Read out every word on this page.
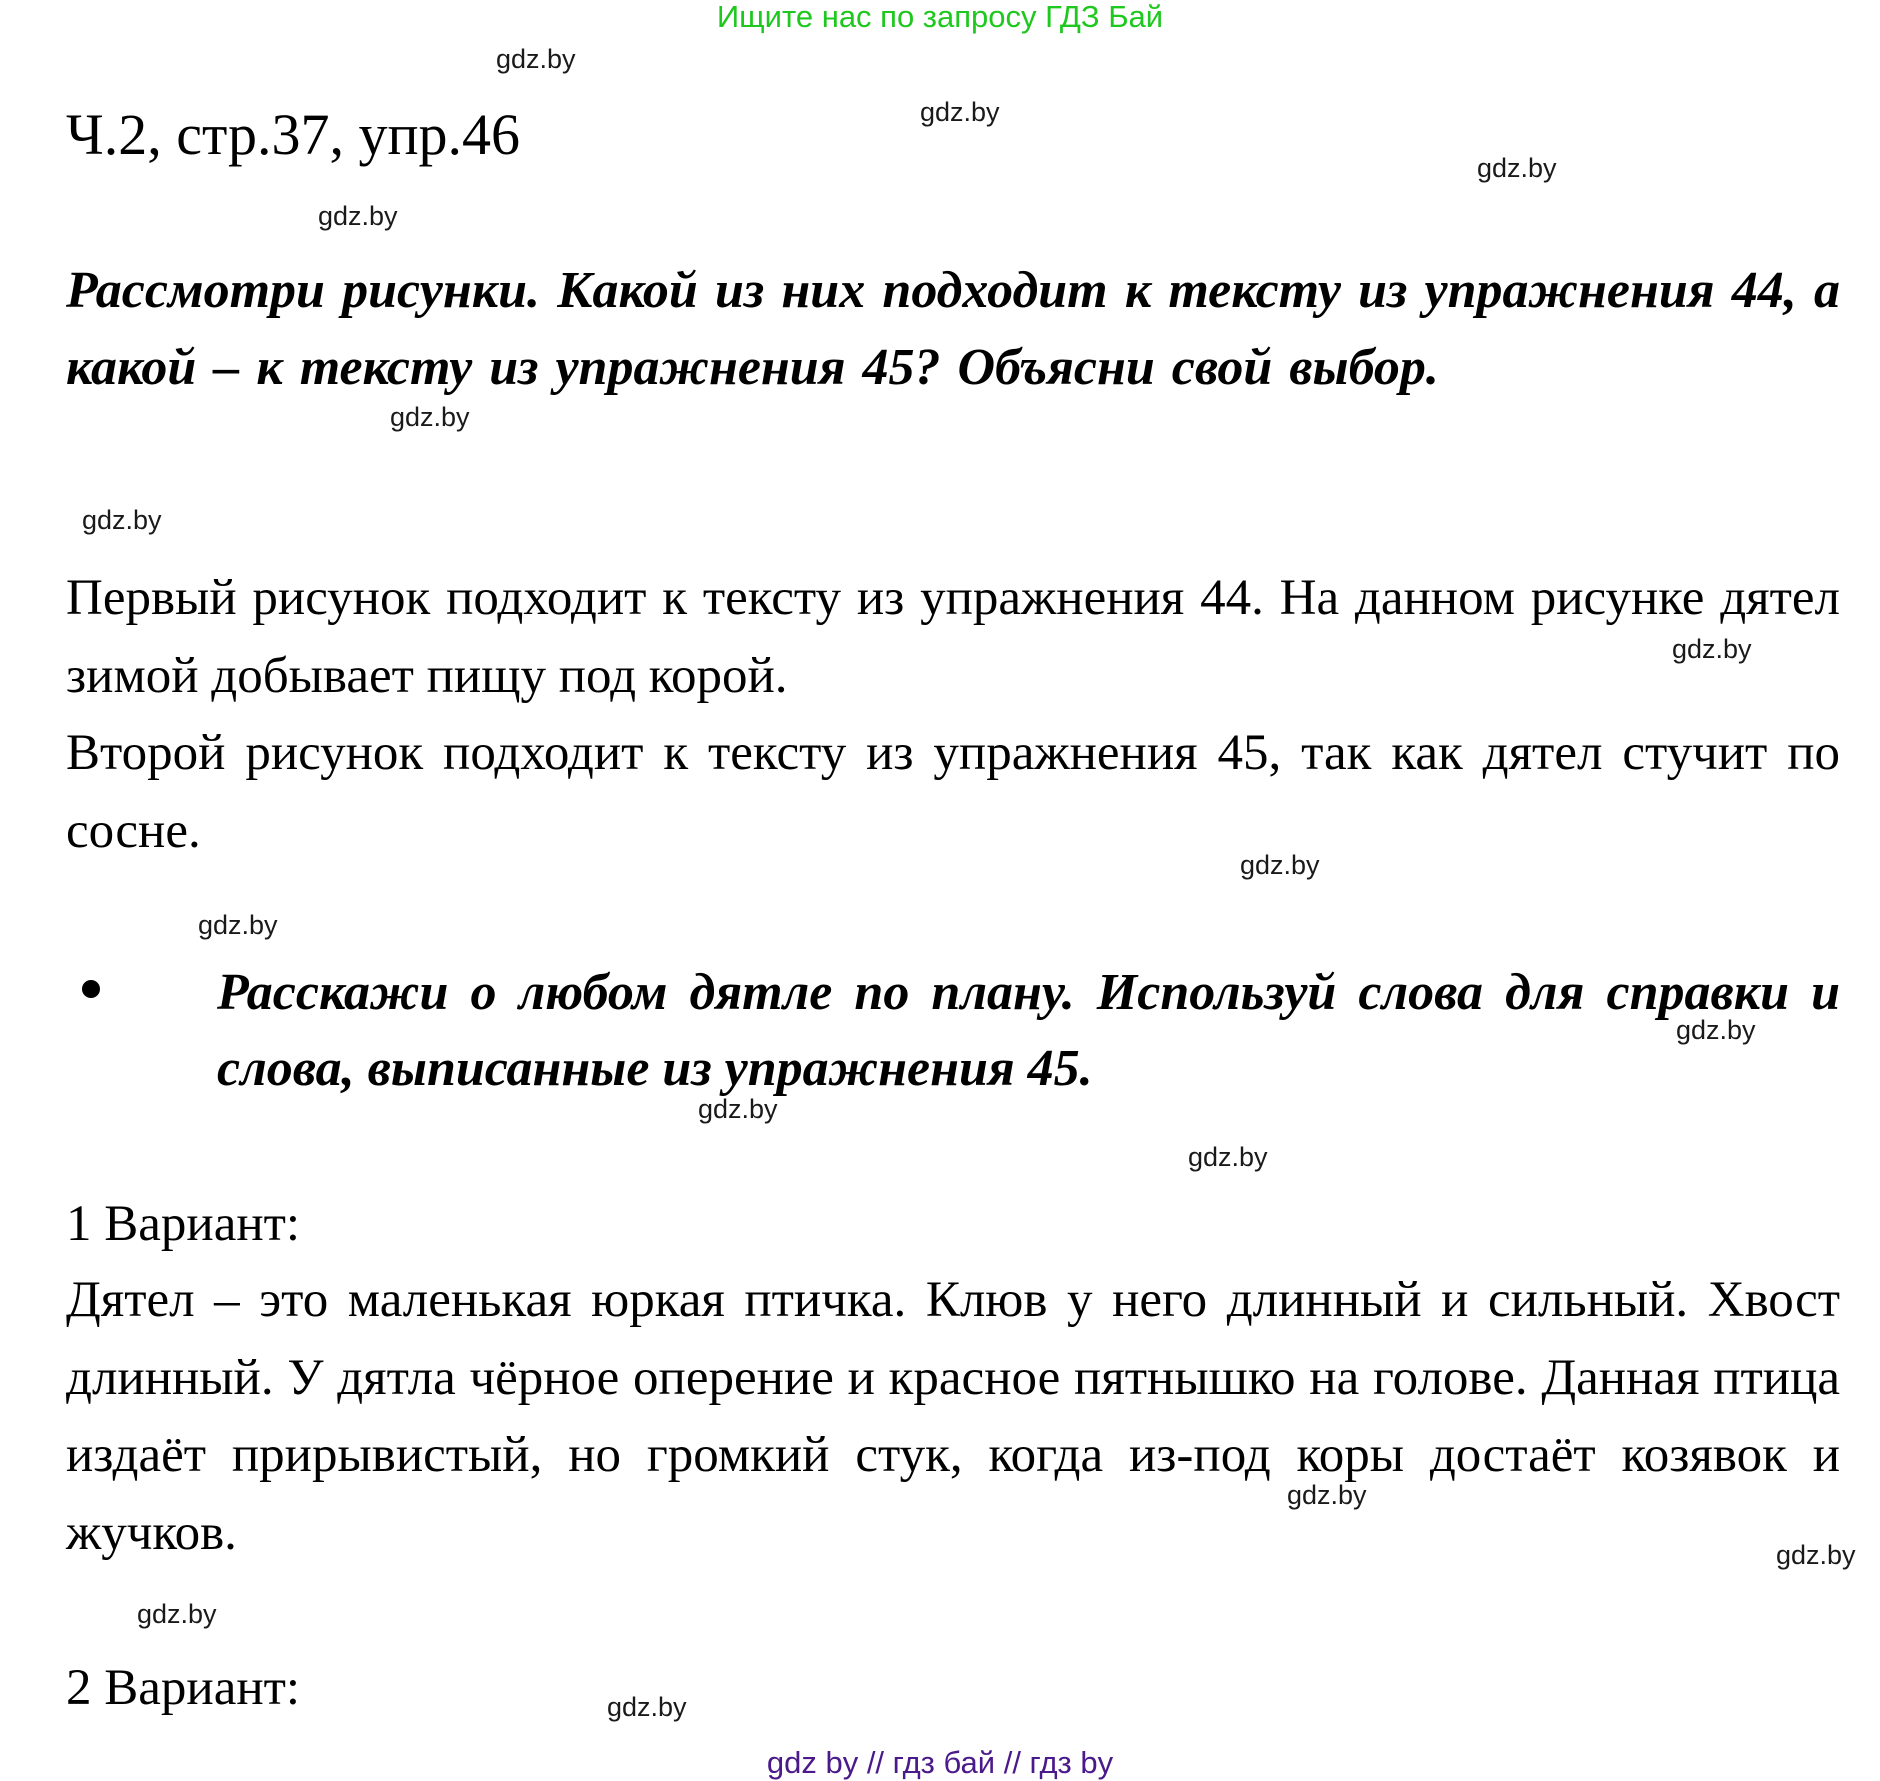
Ищите нас по запросу ГДЗ Бай
Ч.2, стр.37, упр.46
Рассмотри рисунки. Какой из них подходит к тексту из упражнения 44, а какой – к тексту из упражнения 45? Объясни свой выбор.
Первый рисунок подходит к тексту из упражнения 44. На данном рисунке дятел зимой добывает пищу под корой.
Второй рисунок подходит к тексту из упражнения 45, так как дятел стучит по сосне.
Расскажи о любом дятле по плану. Используй слова для справки и слова, выписанные из упражнения 45.
1 Вариант:
Дятел – это маленькая юркая птичка. Клюв у него длинный и сильный. Хвост длинный. У дятла чёрное оперение и красное пятнышко на голове. Данная птица издаёт прирывистый, но громкий стук, когда из-под коры достаёт козявок и жучков.
2 Вариант:
gdz.by
gdz.by
gdz.by
gdz.by
gdz.by
gdz.by
gdz.by
gdz.by
gdz.by
gdz.by
gdz.by
gdz.by
gdz.by
gdz.by
gdz.by
gdz.by
gdz by // гдз бай // гдз by
